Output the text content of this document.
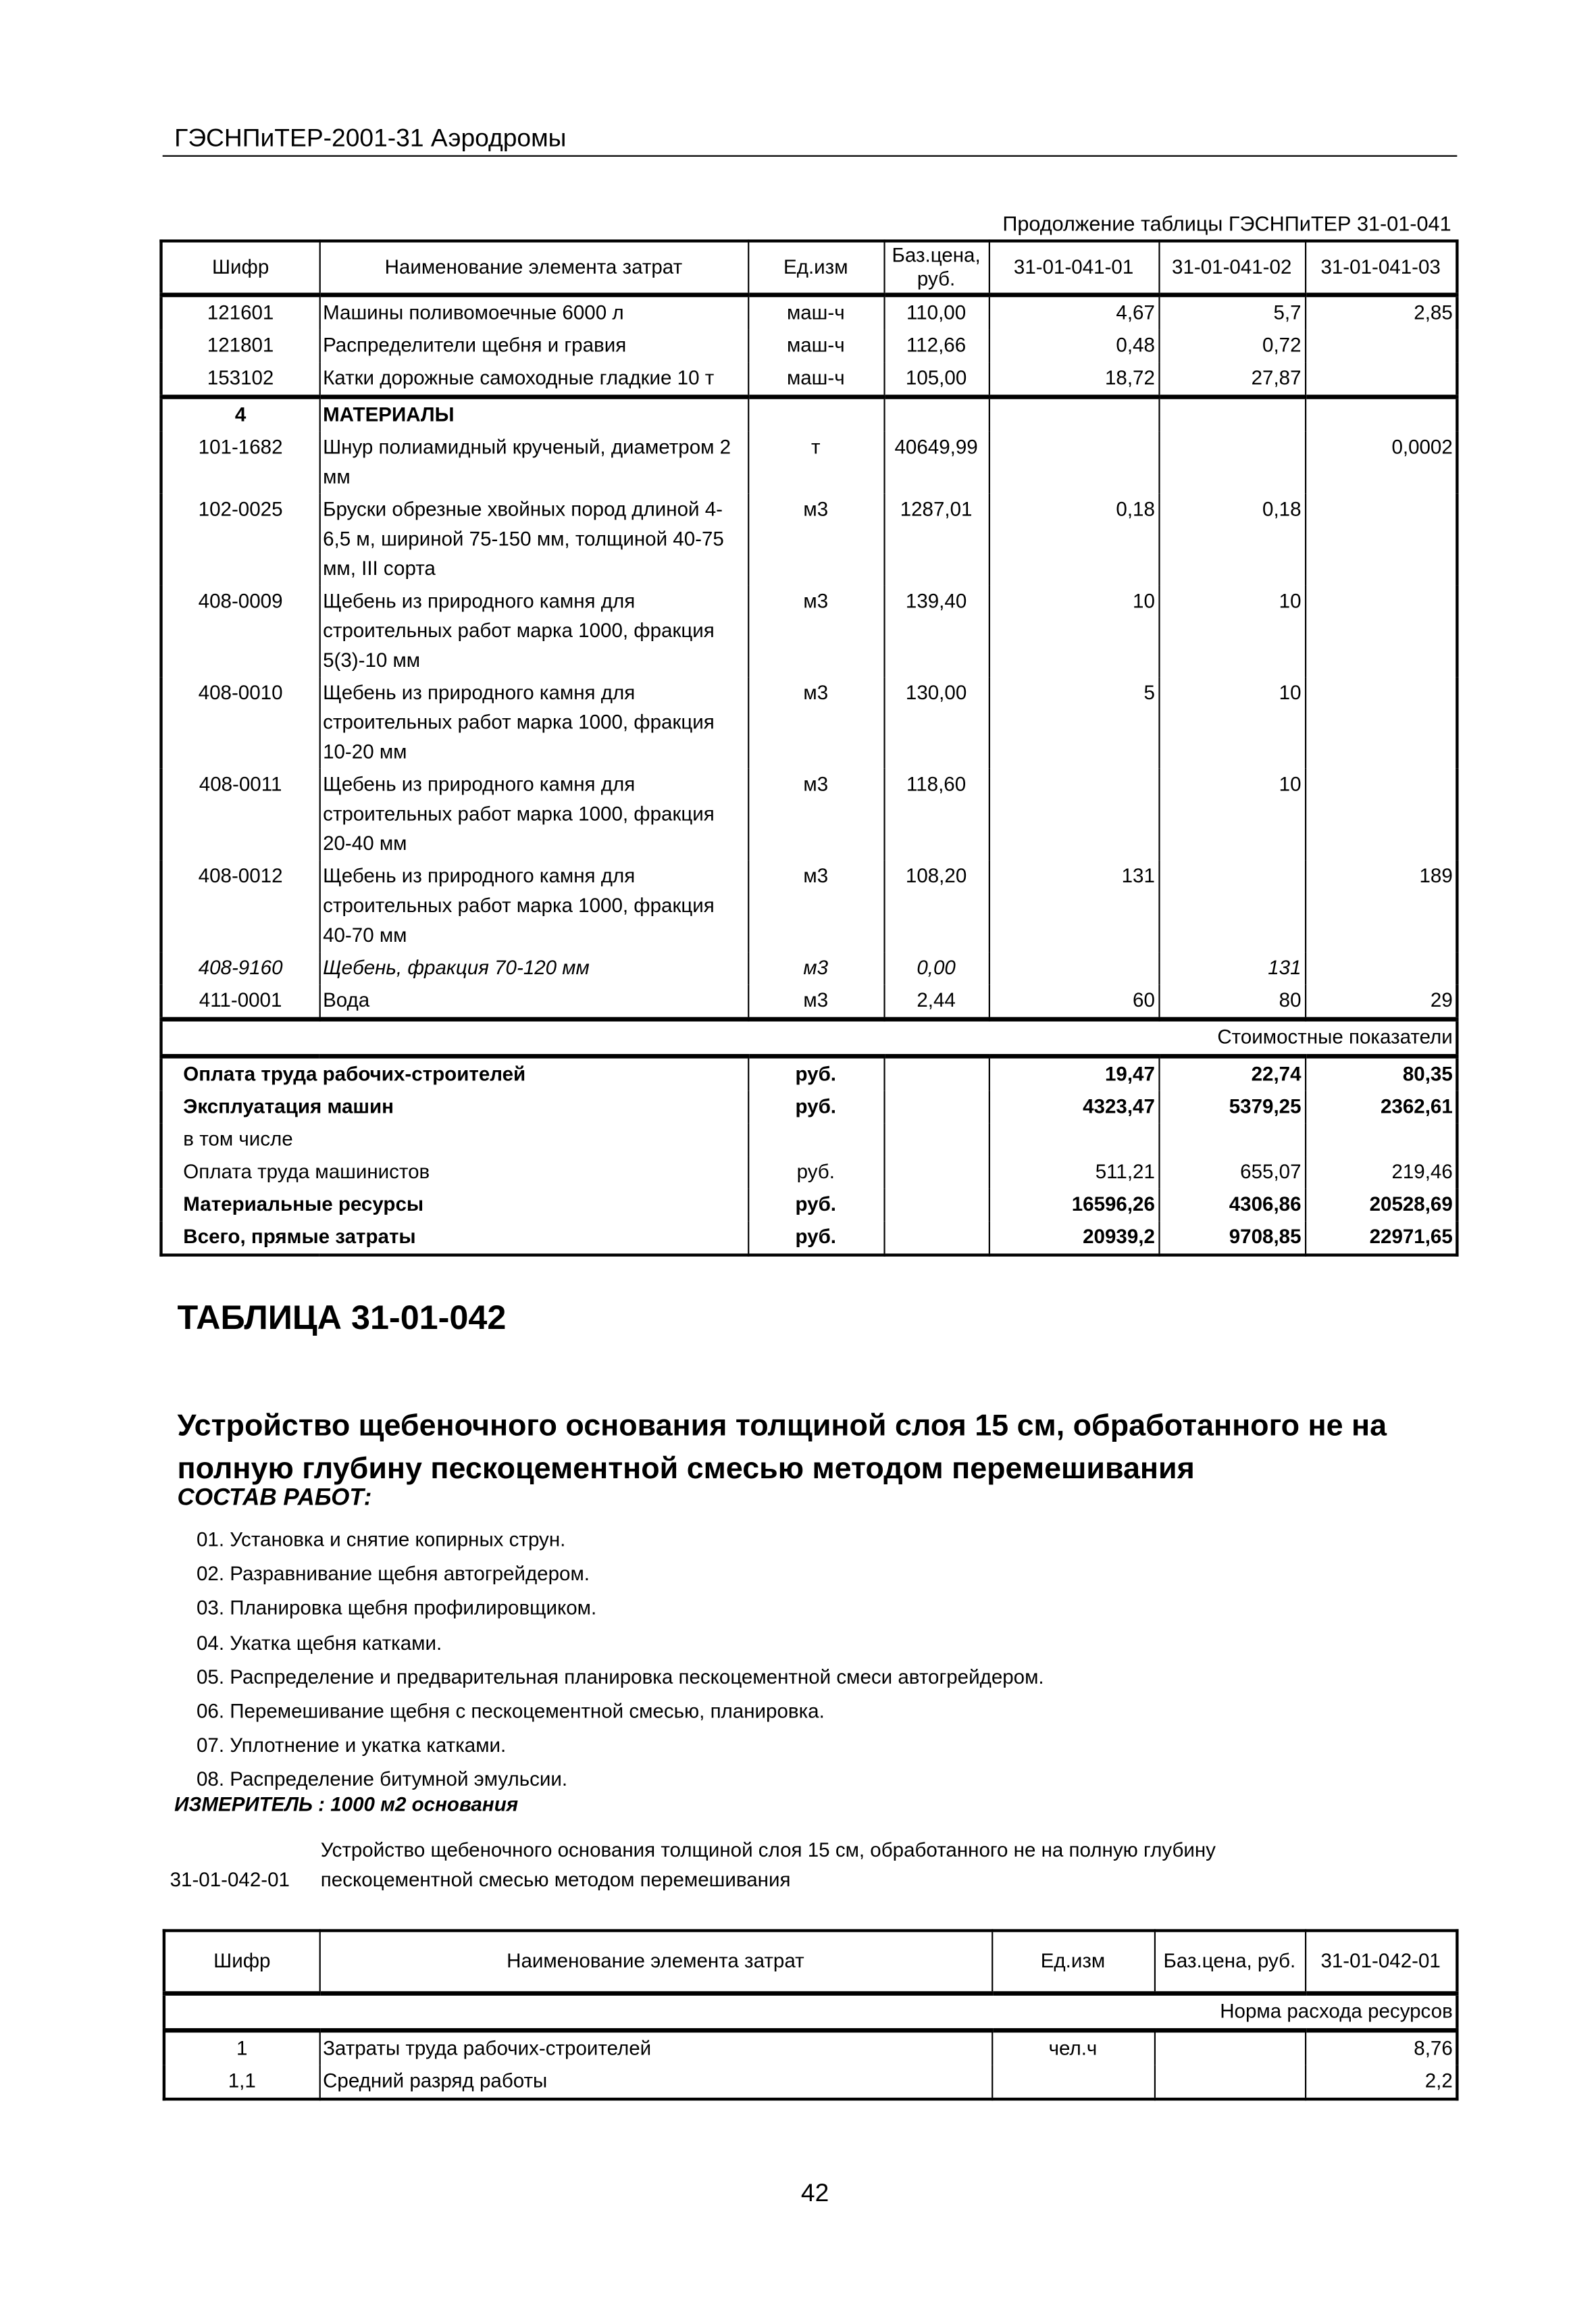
ГЭСНПиТЕР-2001-31 Аэродромы
Продолжение таблицы ГЭСНПиТЕР 31-01-041
Шифр	Наименование элемента затрат	Ед.изм	Баз.цена, руб.	31-01-041-01	31-01-041-02	31-01-041-03
121601	Машины поливомоечные 6000 л	маш-ч	110,00	4,67	5,7	2,85
121801	Распределители щебня и гравия	маш-ч	112,66	0,48	0,72	
153102	Катки дорожные самоходные гладкие 10 т	маш-ч	105,00	18,72	27,87	
4	МАТЕРИАЛЫ					
101-1682	Шнур полиамидный крученый, диаметром 2 мм	т	40649,99			0,0002
102-0025	Бруски обрезные хвойных пород длиной 4-6,5 м, шириной 75-150 мм, толщиной 40-75 мм, III сорта	м3	1287,01	0,18	0,18	
408-0009	Щебень из природного камня для строительных работ марка 1000, фракция 5(3)-10 мм	м3	139,40	10	10	
408-0010	Щебень из природного камня для строительных работ марка 1000, фракция 10-20 мм	м3	130,00	5	10	
408-0011	Щебень из природного камня для строительных работ марка 1000, фракция 20-40 мм	м3	118,60		10	
408-0012	Щебень из природного камня для строительных работ марка 1000, фракция 40-70 мм	м3	108,20	131		189
408-9160	Щебень, фракция 70-120 мм	м3	0,00		131	
411-0001	Вода	м3	2,44	60	80	29
Стоимостные показатели						
Оплата труда рабочих-строителей		руб.		19,47	22,74	80,35
Эксплуатация машин		руб.		4323,47	5379,25	2362,61
в том числе						
Оплата труда машинистов		руб.		511,21	655,07	219,46
Материальные ресурсы		руб.		16596,26	4306,86	20528,69
Всего, прямые затраты		руб.		20939,2	9708,85	22971,65
ТАБЛИЦА 31-01-042
Устройство щебеночного основания толщиной слоя 15 см, обработанного не на полную глубину пескоцементной смесью методом перемешивания
СОСТАВ РАБОТ:
01. Установка и снятие копирных струн.
02. Разравнивание щебня автогрейдером.
03. Планировка щебня профилировщиком.
04. Укатка щебня катками.
05. Распределение и предварительная планировка пескоцементной смеси автогрейдером.
06. Перемешивание щебня с пескоцементной смесью, планировка.
07. Уплотнение и укатка катками.
08. Распределение битумной эмульсии.
ИЗМЕРИТЕЛЬ : 1000 м2 основания
Устройство щебеночного основания толщиной слоя 15 см, обработанного не на полную глубину
31-01-042-01	пескоцементной смесью методом перемешивания
Шифр	Наименование элемента затрат	Ед.изм	Баз.цена, руб.	31-01-042-01
Норма расхода ресурсов				
1	Затраты труда рабочих-строителей	чел.ч		8,76
1,1	Средний разряд работы			2,2
42
